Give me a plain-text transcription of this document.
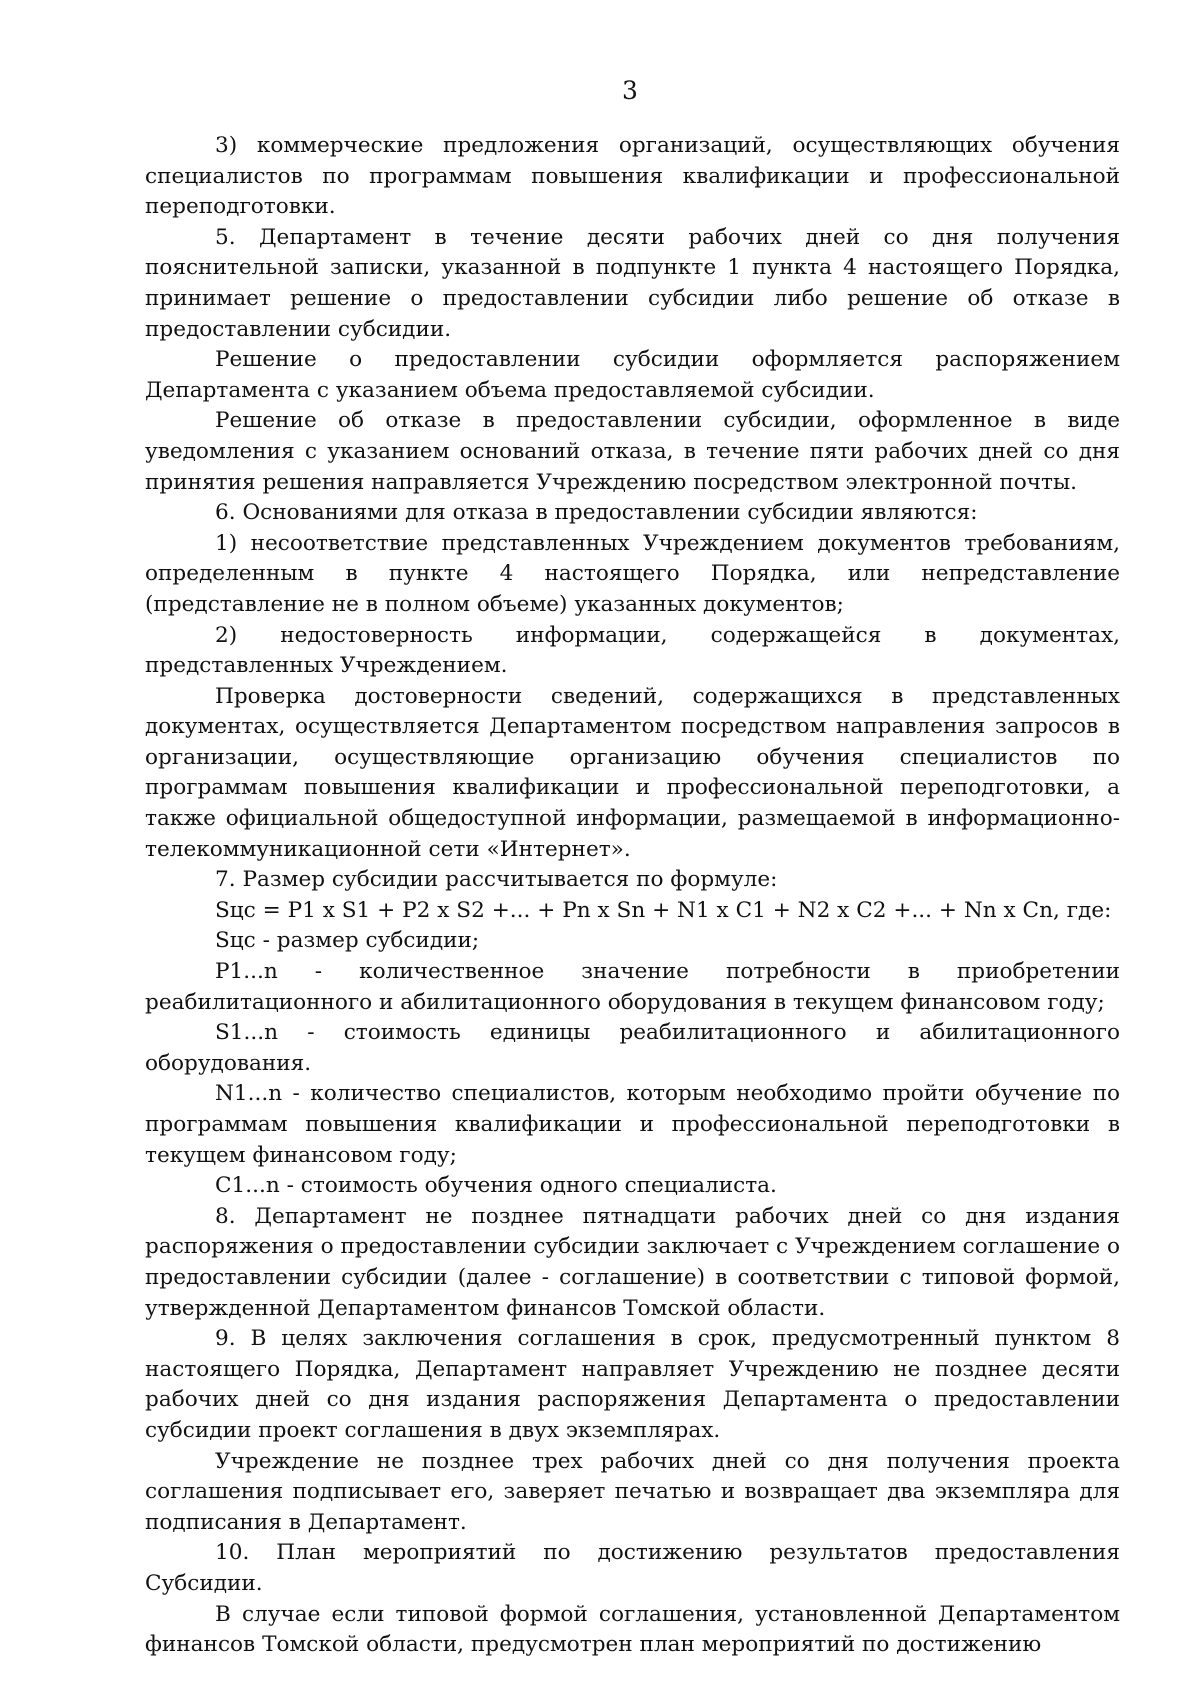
3

3) коммерческие предложения организаций, осуществляющих обучения специалистов по программам повышения квалификации и профессиональной переподготовки.

5. Департамент в течение десяти рабочих дней со дня получения пояснительной записки, указанной в подпункте 1 пункта 4 настоящего Порядка, принимает решение о предоставлении субсидии либо решение об отказе в предоставлении субсидии.

Решение о предоставлении субсидии оформляется распоряжением Департамента с указанием объема предоставляемой субсидии.

Решение об отказе в предоставлении субсидии, оформленное в виде уведомления с указанием оснований отказа, в течение пяти рабочих дней со дня принятия решения направляется Учреждению посредством электронной почты.

6. Основаниями для отказа в предоставлении субсидии являются:

1) несоответствие представленных Учреждением документов требованиям, определенным в пункте 4 настоящего Порядка, или непредставление (представление не в полном объеме) указанных документов;

2) недостоверность информации, содержащейся в документах, представленных Учреждением.

Проверка достоверности сведений, содержащихся в представленных документах, осуществляется Департаментом посредством направления запросов в организации, осуществляющие организацию обучения специалистов по программам повышения квалификации и профессиональной переподготовки, а также официальной общедоступной информации, размещаемой в информационно-телекоммуникационной сети «Интернет».

7. Размер субсидии рассчитывается по формуле:

Sцс = P1 x S1 + P2 x S2 +... + Pn x Sn + N1 x C1 + N2 x C2 +... + Nn x Cn, где:

Sцс - размер субсидии;

P1...n - количественное значение потребности в приобретении реабилитационного и абилитационного оборудования в текущем финансовом году;

S1...n - стоимость единицы реабилитационного и абилитационного оборудования.

N1...n - количество специалистов, которым необходимо пройти обучение по программам повышения квалификации и профессиональной переподготовки в текущем финансовом году;

C1...n - стоимость обучения одного специалиста.

8. Департамент не позднее пятнадцати рабочих дней со дня издания распоряжения о предоставлении субсидии заключает с Учреждением соглашение о предоставлении субсидии (далее - соглашение) в соответствии с типовой формой, утвержденной Департаментом финансов Томской области.

9. В целях заключения соглашения в срок, предусмотренный пунктом 8 настоящего Порядка, Департамент направляет Учреждению не позднее десяти рабочих дней со дня издания распоряжения Департамента о предоставлении субсидии проект соглашения в двух экземплярах.

Учреждение не позднее трех рабочих дней со дня получения проекта соглашения подписывает его, заверяет печатью и возвращает два экземпляра для подписания в Департамент.

10. План мероприятий по достижению результатов предоставления Субсидии.

В случае если типовой формой соглашения, установленной Департаментом финансов Томской области, предусмотрен план мероприятий по достижению
